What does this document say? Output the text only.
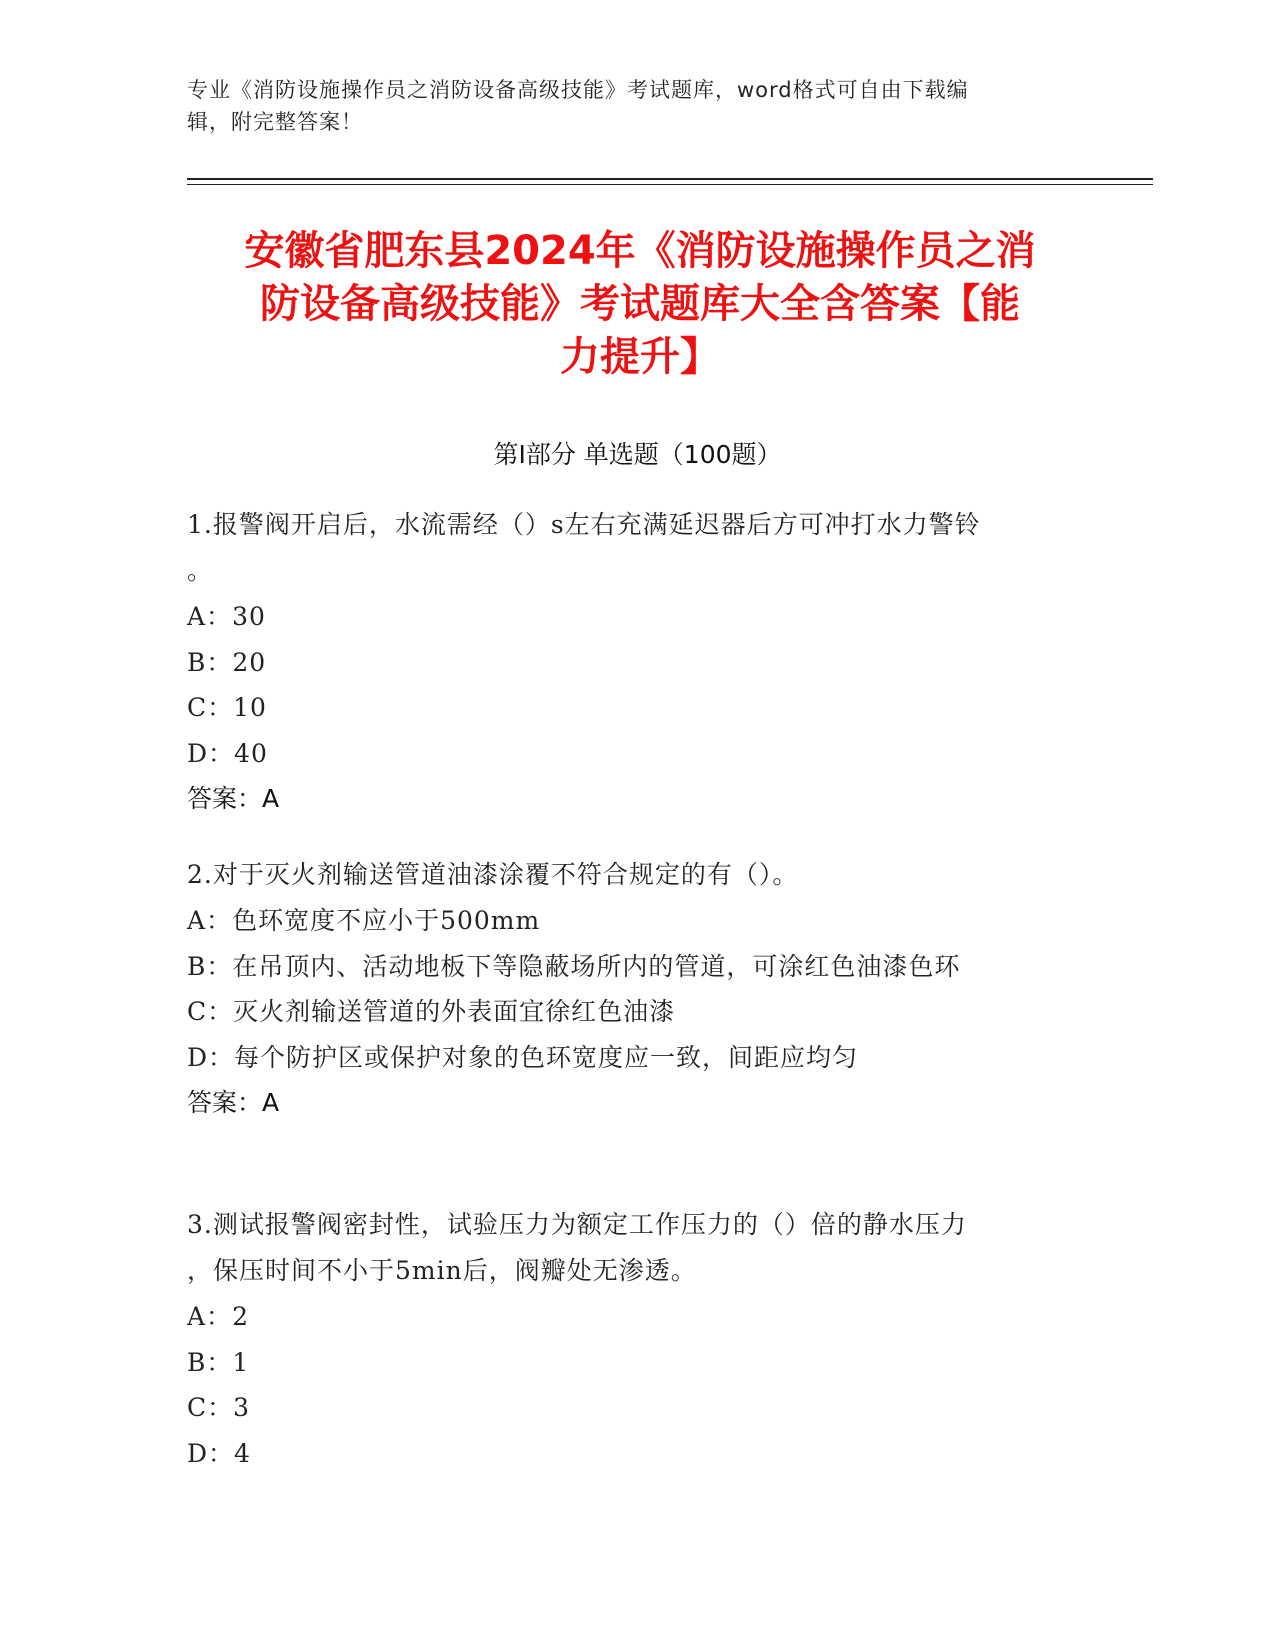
专业《消防设施操作员之消防设备高级技能》考试题库，word格式可自由下载编
辑，附完整答案！
安徽省肥东县2024年《消防设施操作员之消
防设备高级技能》考试题库大全含答案【能
力提升】
第Ⅰ部分 单选题（100题）
1.报警阀开启后，水流需经（）s左右充满延迟器后方可冲打水力警铃
。
A：30
B：20
C：10
D：40
答案：A
2.对于灭火剂输送管道油漆涂覆不符合规定的有（）。
A：色环宽度不应小于500mm
B：在吊顶内、活动地板下等隐蔽场所内的管道，可涂红色油漆色环
C：灭火剂输送管道的外表面宜徐红色油漆
D：每个防护区或保护对象的色环宽度应一致，间距应均匀
答案：A
3.测试报警阀密封性，试验压力为额定工作压力的（）倍的静水压力
，保压时间不小于5min后，阀瓣处无渗透。
A：2
B：1
C：3
D：4
